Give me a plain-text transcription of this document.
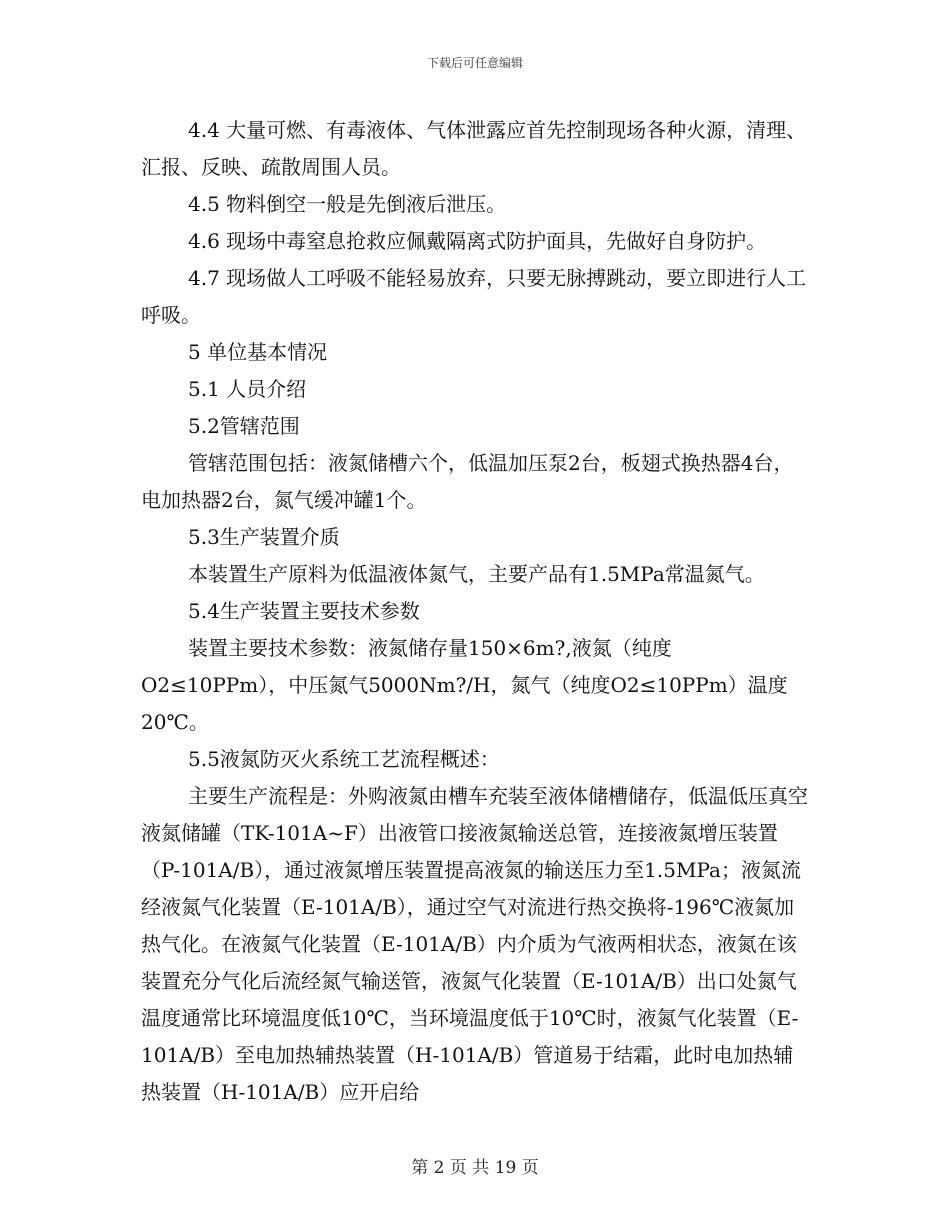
下载后可任意编辑

4.4 大量可燃、有毒液体、气体泄露应首先控制现场各种火源，清理、汇报、反映、疏散周围人员。

4.5 物料倒空一般是先倒液后泄压。

4.6 现场中毒窒息抢救应佩戴隔离式防护面具，先做好自身防护。

4.7 现场做人工呼吸不能轻易放弃，只要无脉搏跳动，要立即进行人工呼吸。

5 单位基本情况

5.1 人员介绍

5.2管辖范围

管辖范围包括：液氮储槽六个，低温加压泵2台，板翅式换热器4台，电加热器2台，氮气缓冲罐1个。

5.3生产装置介质

本装置生产原料为低温液体氮气，主要产品有1.5MPa常温氮气。

5.4生产装置主要技术参数

装置主要技术参数：液氮储存量150×6m?,液氮（纯度O2≤10PPm），中压氮气5000Nm?/H，氮气（纯度O2≤10PPm）温度20℃。

5.5液氮防灭火系统工艺流程概述：

主要生产流程是：外购液氮由槽车充装至液体储槽储存，低温低压真空液氮储罐（TK-101A~F）出液管口接液氮输送总管，连接液氮增压装置（P-101A/B），通过液氮增压装置提高液氮的输送压力至1.5MPa；液氮流经液氮气化装置（E-101A/B），通过空气对流进行热交换将-196℃液氮加热气化。在液氮气化装置（E-101A/B）内介质为气液两相状态，液氮在该装置充分气化后流经氮气输送管，液氮气化装置（E-101A/B）出口处氮气温度通常比环境温度低10℃，当环境温度低于10℃时，液氮气化装置（E-101A/B）至电加热辅热装置（H-101A/B）管道易于结霜，此时电加热辅热装置（H-101A/B）应开启给

第 2 页 共 19 页
